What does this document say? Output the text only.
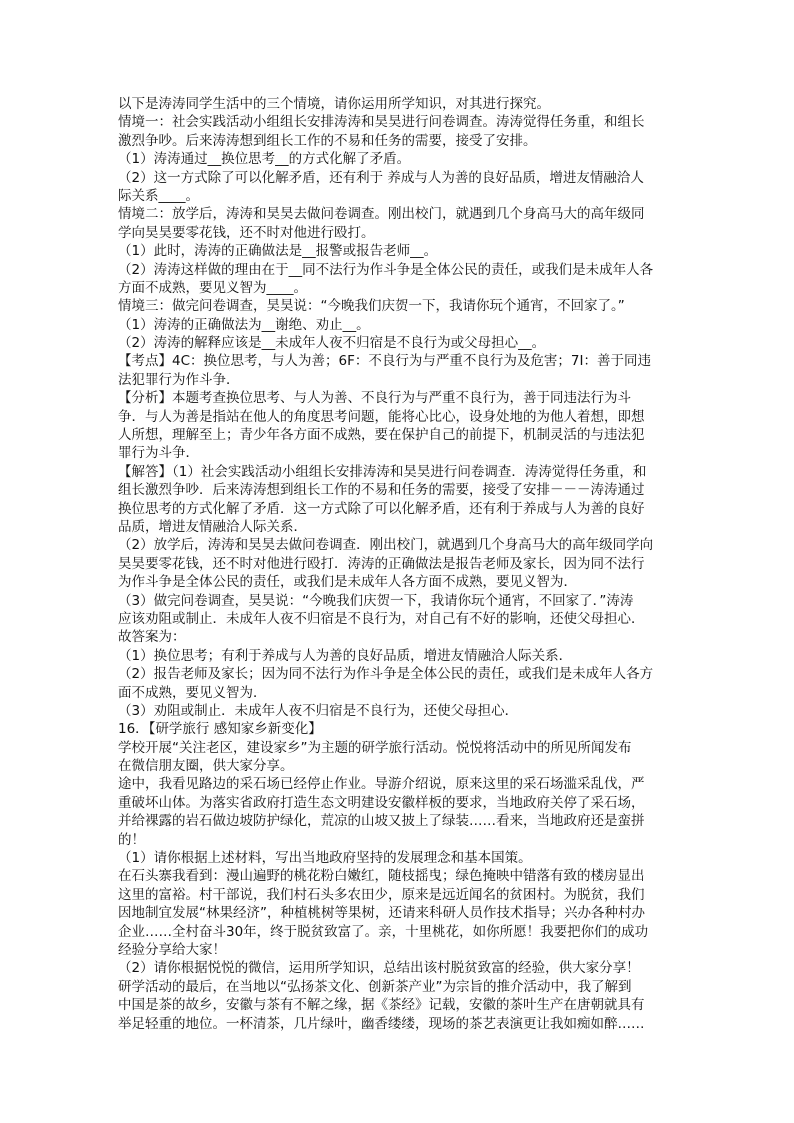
以下是涛涛同学生活中的三个情境，请你运用所学知识，对其进行探究。
情境一：社会实践活动小组组长安排涛涛和昊昊进行问卷调查。涛涛觉得任务重，和组长
激烈争吵。后来涛涛想到组长工作的不易和任务的需要，接受了安排。
（1）涛涛通过__换位思考__的方式化解了矛盾。
（2）这一方式除了可以化解矛盾，还有利于 养成与人为善的良好品质，增进友情融洽人
际关系____。
情境二：放学后，涛涛和昊昊去做问卷调查。刚出校门，就遇到几个身高马大的高年级同
学向昊昊要零花钱，还不时对他进行殴打。
（1）此时，涛涛的正确做法是__报警或报告老师__。
（2）涛涛这样做的理由在于__同不法行为作斗争是全体公民的责任，或我们是未成年人各
方面不成熟，要见义智为____。
情境三：做完问卷调查，昊昊说：“今晚我们庆贺一下，我请你玩个通宵，不回家了。”
（1）涛涛的正确做法为__谢绝、劝止__。
（2）涛涛的解释应该是__未成年人夜不归宿是不良行为或父母担心__。
【考点】4C：换位思考，与人为善；6F：不良行为与严重不良行为及危害；7I：善于同违
法犯罪行为作斗争．
【分析】本题考查换位思考、与人为善、不良行为与严重不良行为，善于同违法行为斗
争．与人为善是指站在他人的角度思考问题，能将心比心，设身处地的为他人着想，即想
人所想，理解至上；青少年各方面不成熟，要在保护自己的前提下，机制灵活的与违法犯
罪行为斗争．
【解答】（1）社会实践活动小组组长安排涛涛和昊昊进行问卷调查．涛涛觉得任务重，和
组长激烈争吵．后来涛涛想到组长工作的不易和任务的需要，接受了安排－－－涛涛通过
换位思考的方式化解了矛盾．这一方式除了可以化解矛盾，还有利于养成与人为善的良好
品质，增进友情融洽人际关系．
（2）放学后，涛涛和昊昊去做问卷调查．刚出校门，就遇到几个身高马大的高年级同学向
昊昊要零花钱，还不时对他进行殴打．涛涛的正确做法是报告老师及家长，因为同不法行
为作斗争是全体公民的责任，或我们是未成年人各方面不成熟，要见义智为．
（3）做完问卷调查，昊昊说：“今晚我们庆贺一下，我请你玩个通宵，不回家了．”涛涛
应该劝阻或制止．未成年人夜不归宿是不良行为，对自己有不好的影响，还使父母担心．
故答案为：
（1）换位思考；有利于养成与人为善的良好品质，增进友情融洽人际关系．
（2）报告老师及家长；因为同不法行为作斗争是全体公民的责任，或我们是未成年人各方
面不成熟，要见义智为．
（3）劝阻或制止．未成年人夜不归宿是不良行为，还使父母担心．
16．【研学旅行 感知家乡新变化】
学校开展“关注老区，建设家乡”为主题的研学旅行活动。悦悦将活动中的所见所闻发布
在微信朋友圈，供大家分享。
途中，我看见路边的采石场已经停止作业。导游介绍说，原来这里的采石场滥采乱伐，严
重破坏山体。为落实省政府打造生态文明建设安徽样板的要求，当地政府关停了采石场，
并给裸露的岩石做边坡防护绿化，荒凉的山坡又披上了绿装……看来，当地政府还是蛮拼
的！
（1）请你根据上述材料，写出当地政府坚持的发展理念和基本国策。
在石头寨我看到：漫山遍野的桃花粉白嫩红，随枝摇曳；绿色掩映中错落有致的楼房显出
这里的富裕。村干部说，我们村石头多农田少，原来是远近闻名的贫困村。为脱贫，我们
因地制宜发展“林果经济”，种植桃树等果树，还请来科研人员作技术指导；兴办各种村办
企业……全村奋斗30年，终于脱贫致富了。亲，十里桃花，如你所愿！我要把你们的成功
经验分享给大家！
（2）请你根据悦悦的微信，运用所学知识，总结出该村脱贫致富的经验，供大家分享！
研学活动的最后，在当地以“弘扬茶文化、创新茶产业”为宗旨的推介活动中，我了解到
中国是茶的故乡，安徽与茶有不解之缘，据《茶经》记载，安徽的茶叶生产在唐朝就具有
举足轻重的地位。一杯清茶，几片绿叶，幽香缕缕，现场的茶艺表演更让我如痴如醉……
